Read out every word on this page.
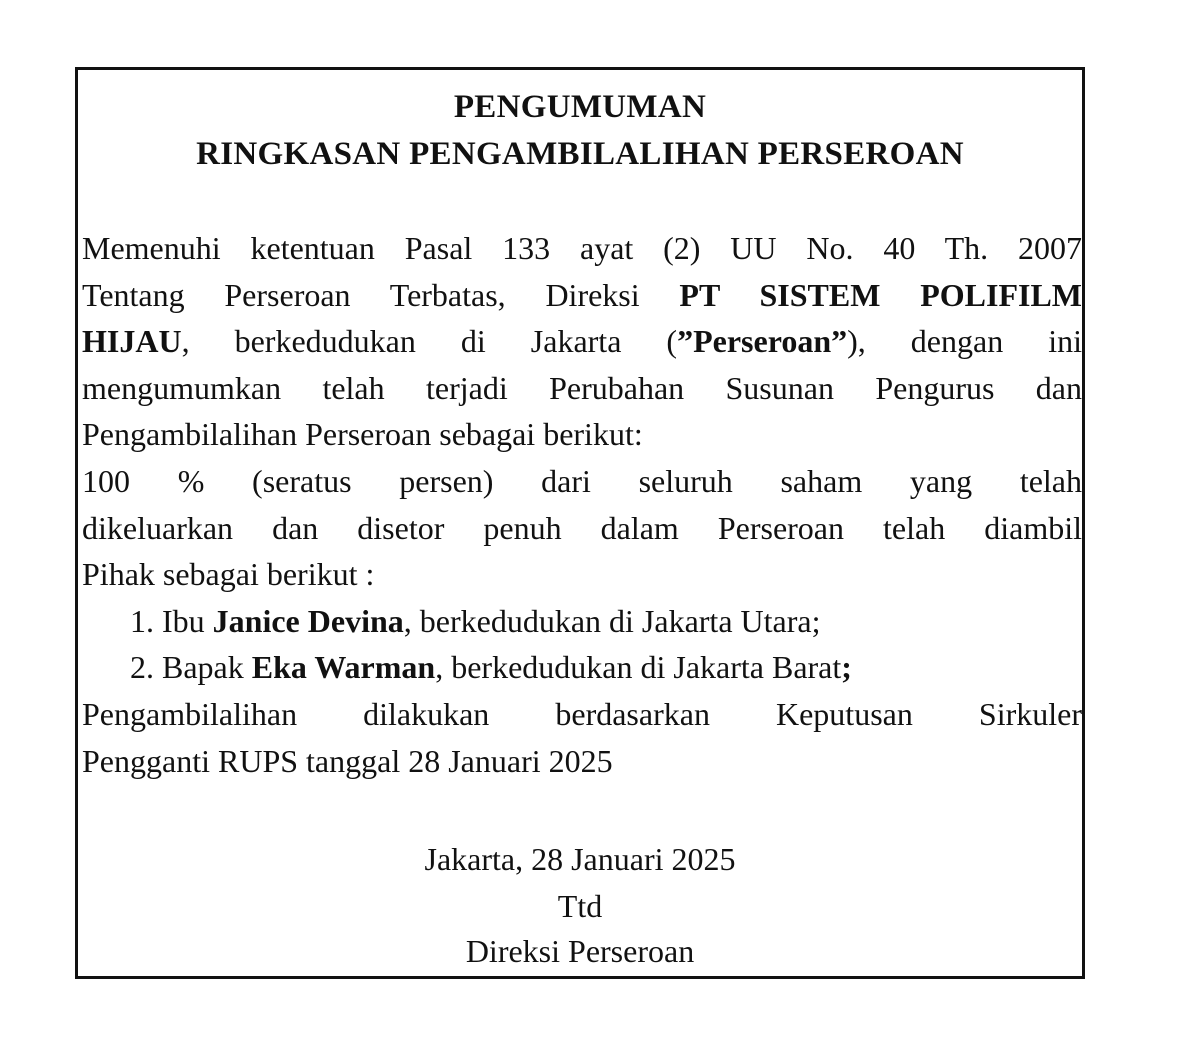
PENGUMUMAN
RINGKASAN PENGAMBILALIHAN PERSEROAN
Memenuhi ketentuan Pasal 133 ayat (2) UU No. 40 Th. 2007
Tentang Perseroan Terbatas, Direksi PT SISTEM POLIFILM
HIJAU, berkedudukan di Jakarta (”Perseroan”), dengan ini
mengumumkan telah terjadi Perubahan Susunan Pengurus dan
Pengambilalihan Perseroan sebagai berikut:
100 % (seratus persen) dari seluruh saham yang telah
dikeluarkan dan disetor penuh dalam Perseroan telah diambil
Pihak sebagai berikut :
1. Ibu Janice Devina, berkedudukan di Jakarta Utara;
2. Bapak Eka Warman, berkedudukan di Jakarta Barat;
Pengambilalihan dilakukan berdasarkan Keputusan Sirkuler
Pengganti RUPS tanggal 28 Januari 2025
Jakarta, 28 Januari 2025
Ttd
Direksi Perseroan
